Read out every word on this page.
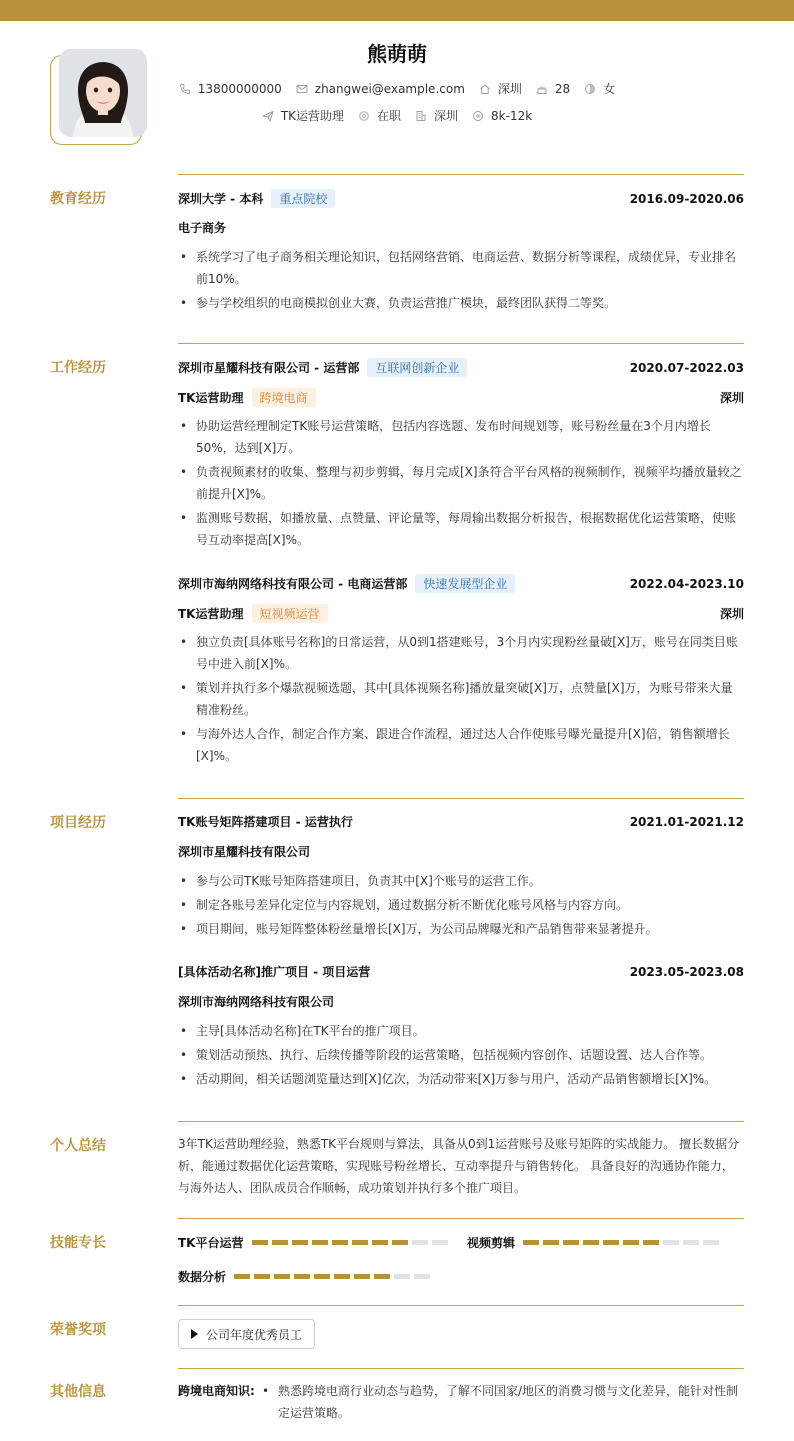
熊萌萌
13800000000	zhangwei@example.com	深圳	28	女
TK运营助理	在职	深圳	8k-12k
教育经历	深圳大学 - 本科 重点院校	2016.09-2020.06
电子商务
• 系统学习了电子商务相关理论知识，包括网络营销、电商运营、数据分析等课程，成绩优异，专业排名前10%。
• 参与学校组织的电商模拟创业大赛，负责运营推广模块，最终团队获得二等奖。
工作经历	深圳市星耀科技有限公司 - 运营部 互联网创新企业	2020.07-2022.03
TK运营助理 跨境电商	深圳
• 协助运营经理制定TK账号运营策略，包括内容选题、发布时间规划等，账号粉丝量在3个月内增长50%，达到[X]万。
• 负责视频素材的收集、整理与初步剪辑，每月完成[X]条符合平台风格的视频制作，视频平均播放量较之前提升[X]%。
• 监测账号数据，如播放量、点赞量、评论量等，每周输出数据分析报告，根据数据优化运营策略，使账号互动率提高[X]%。
深圳市海纳网络科技有限公司 - 电商运营部 快速发展型企业	2022.04-2023.10
TK运营助理 短视频运营	深圳
• 独立负责[具体账号名称]的日常运营，从0到1搭建账号，3个月内实现粉丝量破[X]万，账号在同类目账号中进入前[X]%。
• 策划并执行多个爆款视频选题，其中[具体视频名称]播放量突破[X]万，点赞量[X]万，为账号带来大量精准粉丝。
• 与海外达人合作，制定合作方案、跟进合作流程，通过达人合作使账号曝光量提升[X]倍，销售额增长[X]%。
项目经历	TK账号矩阵搭建项目 - 运营执行	2021.01-2021.12
深圳市星耀科技有限公司
• 参与公司TK账号矩阵搭建项目，负责其中[X]个账号的运营工作。
• 制定各账号差异化定位与内容规划，通过数据分析不断优化账号风格与内容方向。
• 项目期间，账号矩阵整体粉丝量增长[X]万，为公司品牌曝光和产品销售带来显著提升。
[具体活动名称]推广项目 - 项目运营	2023.05-2023.08
深圳市海纳网络科技有限公司
• 主导[具体活动名称]在TK平台的推广项目。
• 策划活动预热、执行、后续传播等阶段的运营策略，包括视频内容创作、话题设置、达人合作等。
• 活动期间，相关话题浏览量达到[X]亿次，为活动带来[X]万参与用户，活动产品销售额增长[X]%。
个人总结	3年TK运营助理经验，熟悉TK平台规则与算法，具备从0到1运营账号及账号矩阵的实战能力。 擅长数据分析，能通过数据优化运营策略，实现账号粉丝增长、互动率提升与销售转化。 具备良好的沟通协作能力，与海外达人、团队成员合作顺畅，成功策划并执行多个推广项目。
技能专长	TK平台运营	视频剪辑
数据分析
荣誉奖项	公司年度优秀员工
其他信息	跨境电商知识:
•	熟悉跨境电商行业动态与趋势，了解不同国家/地区的消费习惯与文化差异，能针对性制定运营策略。
